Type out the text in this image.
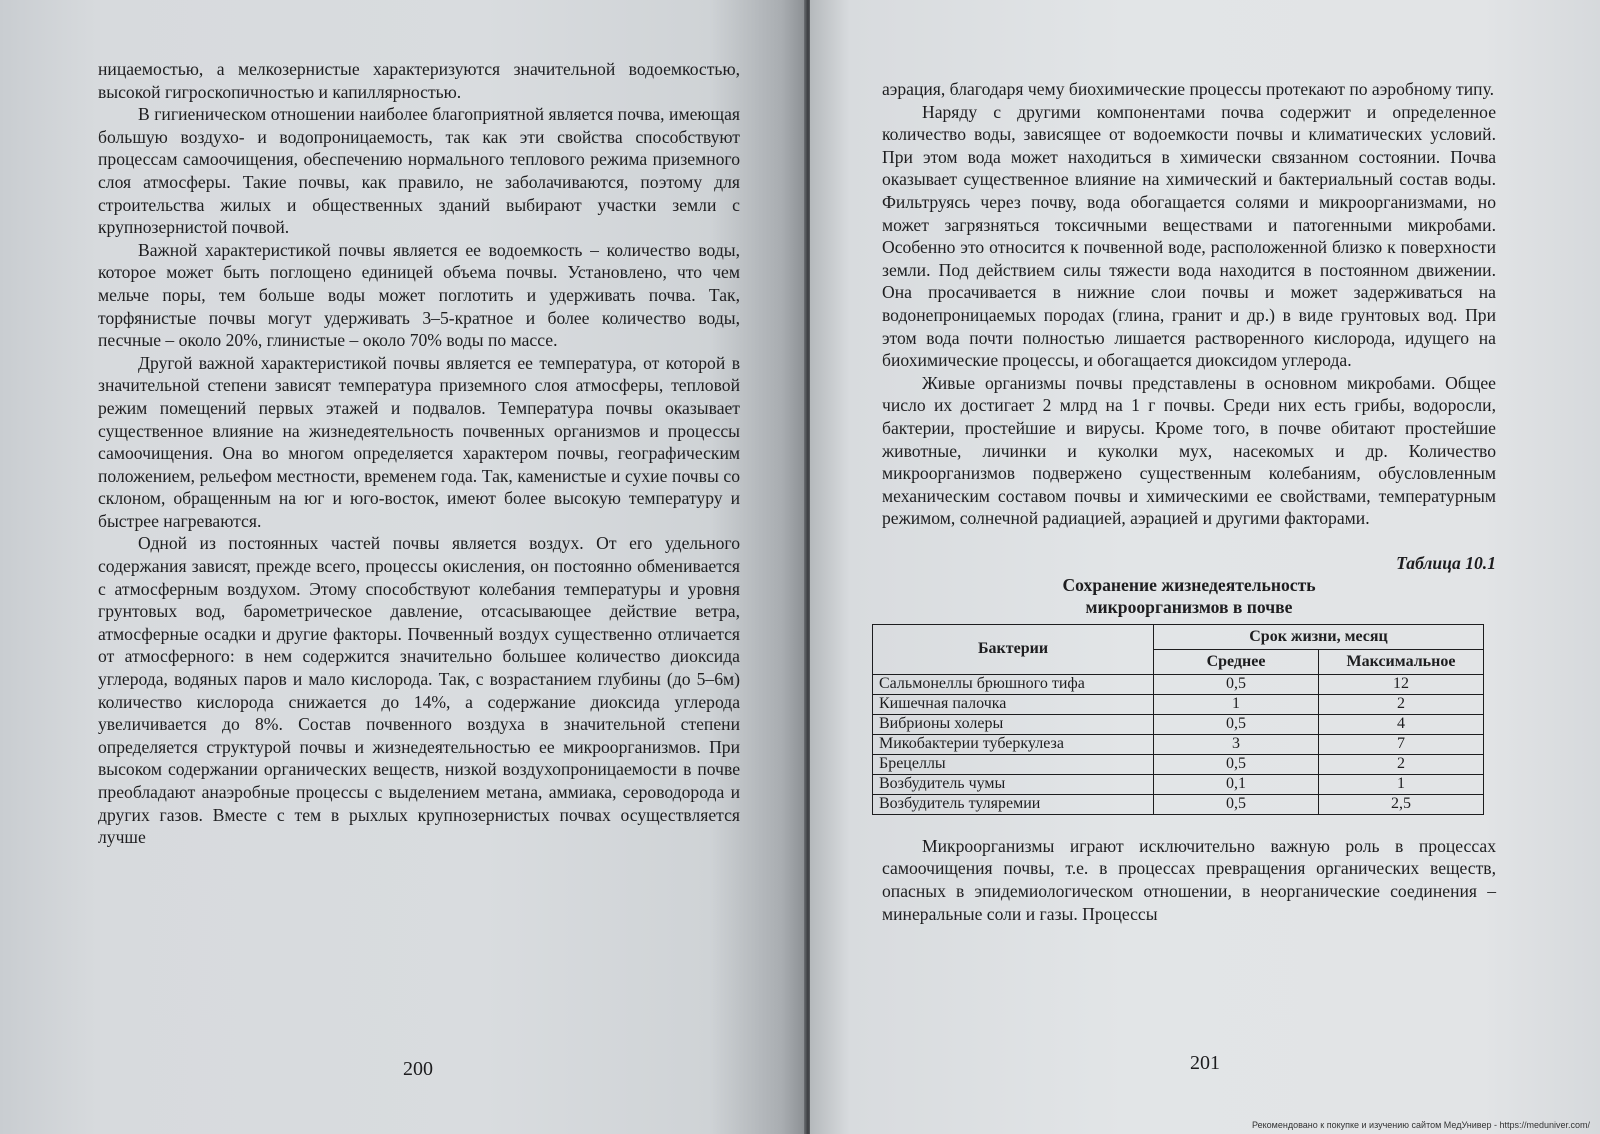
ницаемостью, а мелкозернистые характеризуются значительной водоемкостью, высокой гигроскопичностью и капиллярностью.

В гигиеническом отношении наиболее благоприятной является почва, имеющая большую воздухо- и водопроницаемость, так как эти свойства способствуют процессам самоочищения, обеспечению нормального теплового режима приземного слоя атмосферы. Такие почвы, как правило, не заболачиваются, поэтому для строительства жилых и общественных зданий выбирают участки земли с крупнозернистой почвой.

Важной характеристикой почвы является ее водоемкость – количество воды, которое может быть поглощено единицей объема почвы. Установлено, что чем мельче поры, тем больше воды может поглотить и удерживать почва. Так, торфянистые почвы могут удерживать 3–5-кратное и более количество воды, песчные – около 20%, глинистые – около 70% воды по массе.

Другой важной характеристикой почвы является ее температура, от которой в значительной степени зависят температура приземного слоя атмосферы, тепловой режим помещений первых этажей и подвалов. Температура почвы оказывает существенное влияние на жизнедеятельность почвенных организмов и процессы самоочищения. Она во многом определяется характером почвы, географическим положением, рельефом местности, временем года. Так, каменистые и сухие почвы со склоном, обращенным на юг и юго-восток, имеют более высокую температуру и быстрее нагреваются.

Одной из постоянных частей почвы является воздух. От его удельного содержания зависят, прежде всего, процессы окисления, он постоянно обменивается с атмосферным воздухом. Этому способствуют колебания температуры и уровня грунтовых вод, барометрическое давление, отсасывающее действие ветра, атмосферные осадки и другие факторы. Почвенный воздух существенно отличается от атмосферного: в нем содержится значительно большее количество диоксида углерода, водяных паров и мало кислорода. Так, с возрастанием глубины (до 5–6м) количество кислорода снижается до 14%, а содержание диоксида углерода увеличивается до 8%. Состав почвенного воздуха в значительной степени определяется структурой почвы и жизнедеятельностью ее микроорганизмов. При высоком содержании органических веществ, низкой воздухопроницаемости в почве преобладают анаэробные процессы с выделением метана, аммиака, сероводорода и других газов. Вместе с тем в рыхлых крупнозернистых почвах осуществляется лучше

200

аэрация, благодаря чему биохимические процессы протекают по аэробному типу.

Наряду с другими компонентами почва содержит и определенное количество воды, зависящее от водоемкости почвы и климатических условий. При этом вода может находиться в химически связанном состоянии. Почва оказывает существенное влияние на химический и бактериальный состав воды. Фильтруясь через почву, вода обогащается солями и микроорганизмами, но может загрязняться токсичными веществами и патогенными микробами. Особенно это относится к почвенной воде, расположенной близко к поверхности земли. Под действием силы тяжести вода находится в постоянном движении. Она просачивается в нижние слои почвы и может задерживаться на водонепроницаемых породах (глина, гранит и др.) в виде грунтовых вод. При этом вода почти полностью лишается растворенного кислорода, идущего на биохимические процессы, и обогащается диоксидом углерода.

Живые организмы почвы представлены в основном микробами. Общее число их достигает 2 млрд на 1 г почвы. Среди них есть грибы, водоросли, бактерии, простейшие и вирусы. Кроме того, в почве обитают простейшие животные, личинки и куколки мух, насекомых и др. Количество микроорганизмов подвержено существенным колебаниям, обусловленным механическим составом почвы и химическими ее свойствами, температурным режимом, солнечной радиацией, аэрацией и другими факторами.

Таблица 10.1
Сохранение жизнедеятельность
микроорганизмов в почве
Бактерии	Срок жизни, месяц	
	Среднее	Максимальное
Сальмонеллы брюшного тифа	0,5	12
Кишечная палочка	1	2
Вибрионы холеры	0,5	4
Микобактерии туберкулеза	3	7
Брецеллы	0,5	2
Возбудитель чумы	0,1	1
Возбудитель туляремии	0,5	2,5

Микроорганизмы играют исключительно важную роль в процессах самоочищения почвы, т.е. в процессах превращения органических веществ, опасных в эпидемиологическом отношении, в неорганические соединения – минеральные соли и газы. Процессы

201
Рекомендовано к покупке и изучению сайтом МедУнивер - https://meduniver.com/
